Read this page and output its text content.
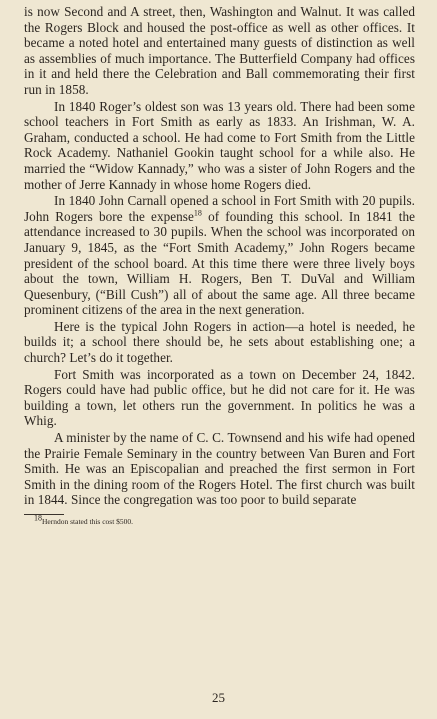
is now Second and A street, then, Washington and Walnut. It was called the Rogers Block and housed the post-office as well as other offices. It became a noted hotel and entertained many guests of distinction as well as assemblies of much importance. The Butterfield Company had offices in it and held there the Celebration and Ball commemorating their first run in 1858.

In 1840 Roger’s oldest son was 13 years old. There had been some school teachers in Fort Smith as early as 1833. An Irishman, W. A. Graham, conducted a school. He had come to Fort Smith from the Little Rock Academy. Nathaniel Gookin taught school for a while also. He married the “Widow Kannady,” who was a sister of John Rogers and the mother of Jerre Kannady in whose home Rogers died.

In 1840 John Carnall opened a school in Fort Smith with 20 pupils. John Rogers bore the expense$^{18}$ of founding this school. In 1841 the attendance increased to 30 pupils. When the school was incorporated on January 9, 1845, as the “Fort Smith Academy,” John Rogers became president of the school board. At this time there were three lively boys about the town, William H. Rogers, Ben T. DuVal and William Quesenbury, (“Bill Cush”) all of about the same age. All three became prominent citizens of the area in the next generation.

Here is the typical John Rogers in action—a hotel is needed, he builds it; a school there should be, he sets about establishing one; a church? Let’s do it together.

Fort Smith was incorporated as a town on December 24, 1842. Rogers could have had public office, but he did not care for it. He was building a town, let others run the government. In politics he was a Whig.

A minister by the name of C. C. Townsend and his wife had opened the Prairie Female Seminary in the country between Van Buren and Fort Smith. He was an Episcopalian and preached the first sermon in Fort Smith in the dining room of the Rogers Hotel. The first church was built in 1844. Since the congregation was too poor to build separate

$^{18}$Herndon stated this cost $500.
25
